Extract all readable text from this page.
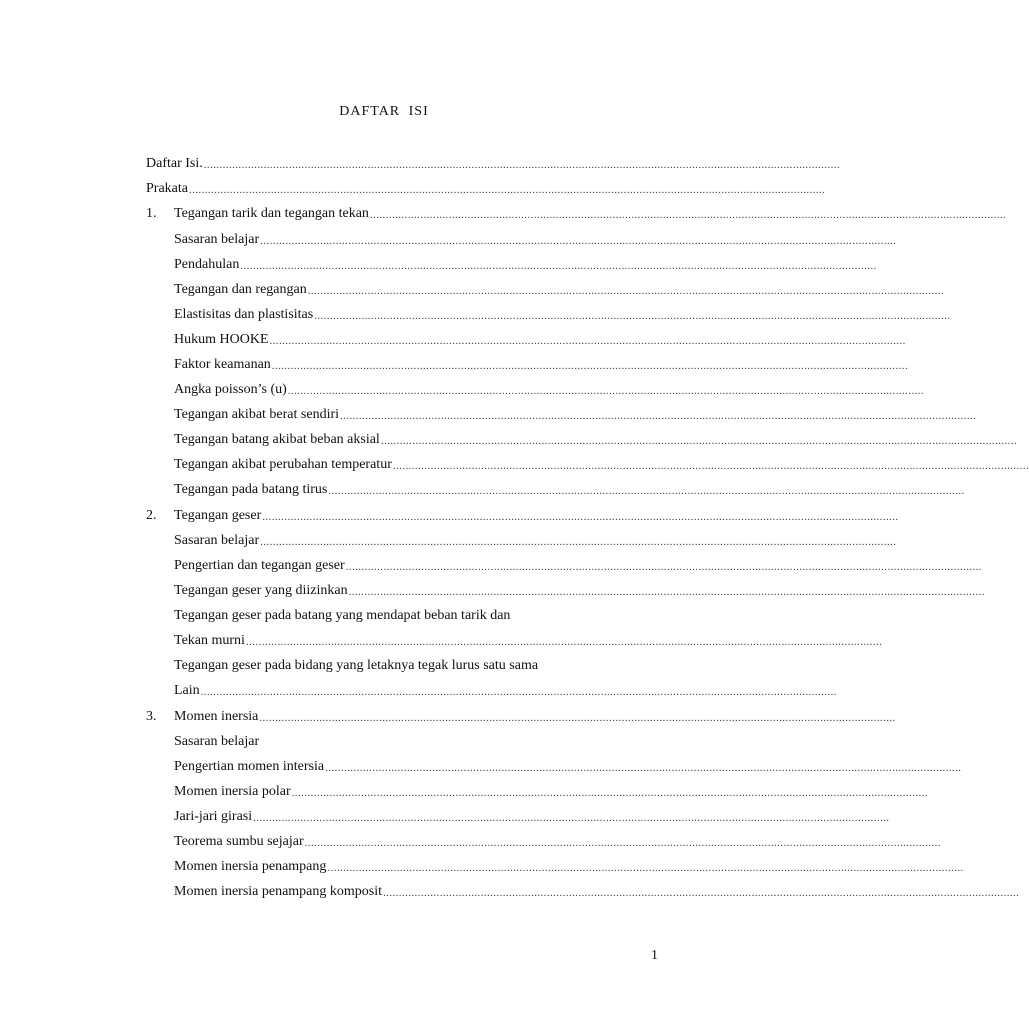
DAFTAR ISI
Daftar Isi. ..........................................................................................................................................................................................................
Prakata ..........................................................................................................................................................................................................
1.	Tegangan tarik dan tegangan tekan ..........................................................................................................................................................................................................
Sasaran belajar ..........................................................................................................................................................................................................
Pendahulan ..........................................................................................................................................................................................................
Tegangan dan regangan ..........................................................................................................................................................................................................
Elastisitas dan plastisitas ..........................................................................................................................................................................................................
Hukum HOOKE ..........................................................................................................................................................................................................
Faktor keamanan ..........................................................................................................................................................................................................
Angka poisson’s (u) ..........................................................................................................................................................................................................
Tegangan akibat berat sendiri ..........................................................................................................................................................................................................
Tegangan batang akibat beban aksial ..........................................................................................................................................................................................................
Tegangan akibat perubahan temperatur ..........................................................................................................................................................................................................
Tegangan pada batang tirus ..........................................................................................................................................................................................................
2.	Tegangan geser ..........................................................................................................................................................................................................
Sasaran belajar ..........................................................................................................................................................................................................
Pengertian dan tegangan geser ..........................................................................................................................................................................................................
Tegangan geser yang diizinkan ..........................................................................................................................................................................................................
Tegangan geser pada batang yang mendapat beban tarik dan
Tekan murni ..........................................................................................................................................................................................................
Tegangan geser pada bidang yang letaknya tegak lurus satu sama
Lain ..........................................................................................................................................................................................................
3.	Momen inersia ..........................................................................................................................................................................................................
Sasaran belajar
Pengertian momen intersia ..........................................................................................................................................................................................................
Momen inersia polar ..........................................................................................................................................................................................................
Jari-jari girasi ..........................................................................................................................................................................................................
Teorema sumbu sejajar ..........................................................................................................................................................................................................
Momen inersia penampang ..........................................................................................................................................................................................................
Momen inersia penampang komposit ..........................................................................................................................................................................................................
1
